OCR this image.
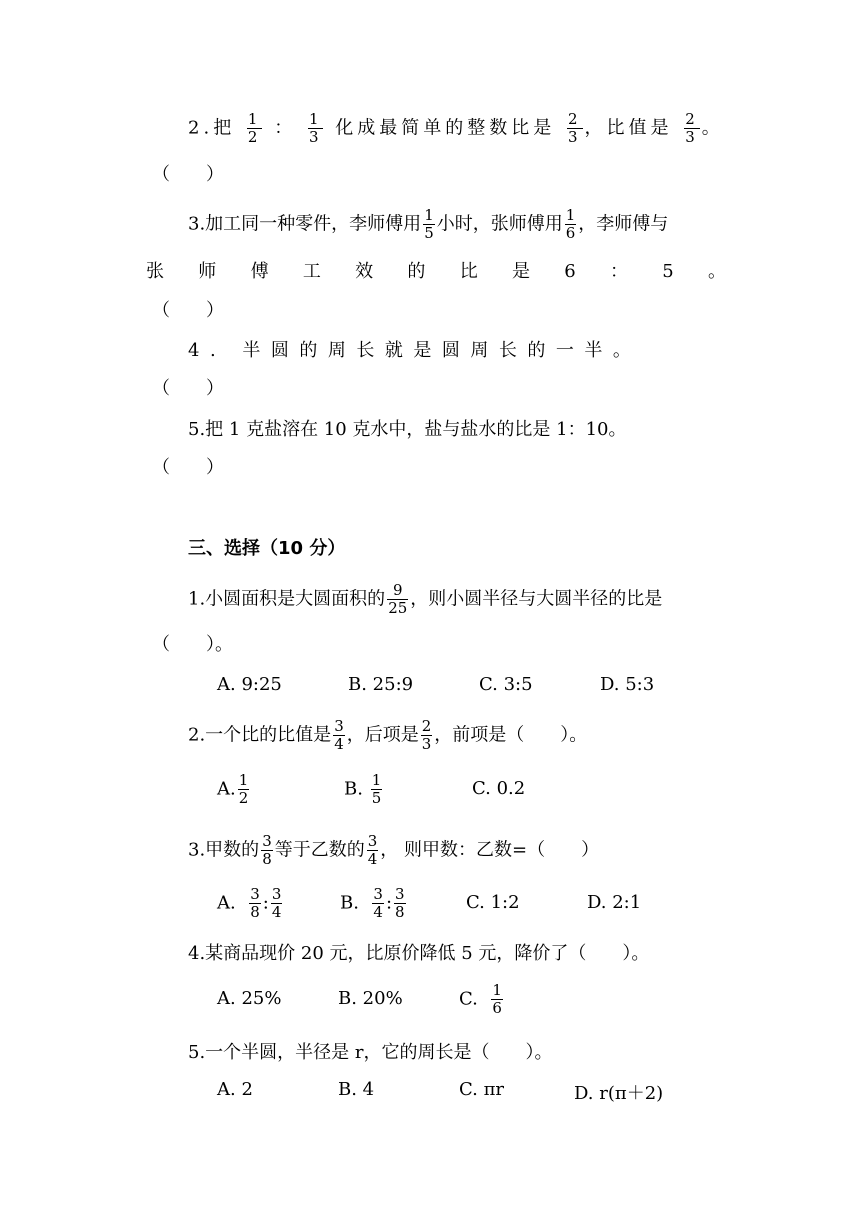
2.把 $\frac{1}{2}$ ： $\frac{1}{3}$ 化成最简单的整数比是 $\frac{2}{3}$ ，比值是 $\frac{2}{3}$ 。
（　　）
3.加工同一种零件，李师傅用 $\frac{1}{5}$ 小时，张师傅用 $\frac{1}{6}$ ，李师傅与
张 师 傅 工 效 的 比 是 6 ： 5 。
（　　）
4. 半圆的周长就是圆周长的一半。
（　　）
5.把 1 克盐溶在 10 克水中，盐与盐水的比是 1：10。
（　　）
三、选择（10 分）
1.小圆面积是大圆面积的 $\frac{9}{25}$ ，则小圆半径与大圆半径的比是
（　　）。
A. 9:25	B. 25:9	C. 3:5	D. 5:3
2.一个比的比值是 $\frac{3}{4}$ ，后项是 $\frac{2}{3}$ ，前项是（　　）。
A. $\frac{1}{2}$	B. $\frac{1}{5}$	C. 0.2
3.甲数的 $\frac{3}{8}$ 等于乙数的 $\frac{3}{4}$ ， 则甲数：乙数=（　　）
A. $\frac{3}{8}$ : $\frac{3}{4}$	B. $\frac{3}{4}$ : $\frac{3}{8}$	C. 1:2	D. 2:1
4.某商品现价 20 元，比原价降低 5 元，降价了（　　）。
A. 25%	B. 20%	C. $\frac{1}{6}$
5.一个半圆，半径是 r，它的周长是（　　）。
A. 2	B. 4	C. πr	D. r(π＋2)
